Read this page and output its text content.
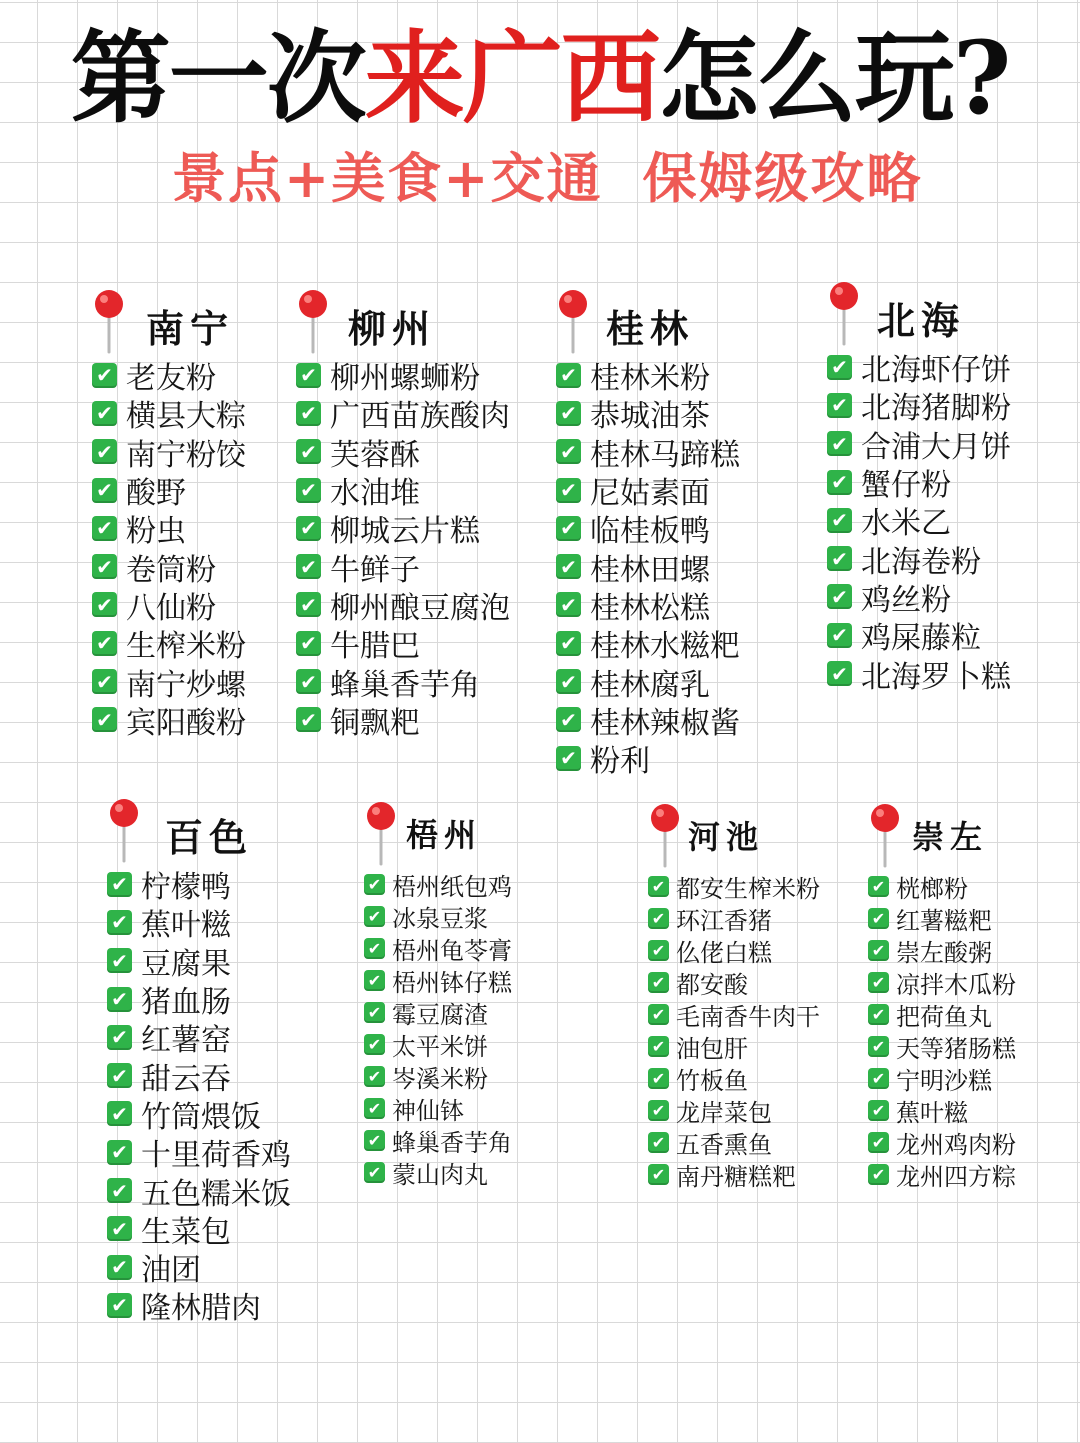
第一次来广西怎么玩?
景点+美食+交通 保姆级攻略
南宁
✔
老友粉
✔
横县大粽
✔
南宁粉饺
✔
酸野
✔
粉虫
✔
卷筒粉
✔
八仙粉
✔
生榨米粉
✔
南宁炒螺
✔
宾阳酸粉
柳州
✔
柳州螺蛳粉
✔
广西苗族酸肉
✔
芙蓉酥
✔
水油堆
✔
柳城云片糕
✔
牛鲜子
✔
柳州酿豆腐泡
✔
牛腊巴
✔
蜂巢香芋角
✔
铜飘粑
桂林
✔
桂林米粉
✔
恭城油茶
✔
桂林马蹄糕
✔
尼姑素面
✔
临桂板鸭
✔
桂林田螺
✔
桂林松糕
✔
桂林水糍粑
✔
桂林腐乳
✔
桂林辣椒酱
✔
粉利
北海
✔
北海虾仔饼
✔
北海猪脚粉
✔
合浦大月饼
✔
蟹仔粉
✔
水米乙
✔
北海卷粉
✔
鸡丝粉
✔
鸡屎藤粒
✔
北海罗卜糕
百色
✔
柠檬鸭
✔
蕉叶糍
✔
豆腐果
✔
猪血肠
✔
红薯窑
✔
甜云吞
✔
竹筒煨饭
✔
十里荷香鸡
✔
五色糯米饭
✔
生菜包
✔
油团
✔
隆林腊肉
梧州
✔
梧州纸包鸡
✔
冰泉豆浆
✔
梧州龟苓膏
✔
梧州钵仔糕
✔
霉豆腐渣
✔
太平米饼
✔
岑溪米粉
✔
神仙钵
✔
蜂巢香芋角
✔
蒙山肉丸
河池
✔
都安生榨米粉
✔
环江香猪
✔
仫佬白糕
✔
都安酸
✔
毛南香牛肉干
✔
油包肝
✔
竹板鱼
✔
龙岸菜包
✔
五香熏鱼
✔
南丹糖糕粑
崇左
✔
桄榔粉
✔
红薯糍粑
✔
崇左酸粥
✔
凉拌木瓜粉
✔
把荷鱼丸
✔
天等猪肠糕
✔
宁明沙糕
✔
蕉叶糍
✔
龙州鸡肉粉
✔
龙州四方粽
